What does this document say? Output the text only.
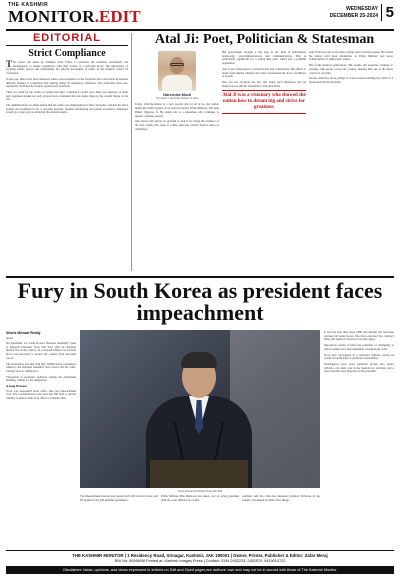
THE KASHMIR
MONITOR.EDIT	WEDNESDAY
DECEMBER 25-2024 5
EDITORIAL
Strict Compliance

The recent call made by Kashmir Zone Police to prioritise the residents, particularly the shopkeepers, to ensure compliance with their orders, is a welcome move. The importance of securing public spaces and maintaining the smooth movement of traffic in the markets cannot be overstated.

In the past, there have been instances where encroachments on the footpaths and roads made movement difficult, leading to congestion and causing delays in emergency situations. The authorities have also repeatedly cautioned the traders against such violations.

There is a need for the traders to realise that strict compliance would serve their own interests. A clean and organised market not only attracts more customers but also helps improve the overall image of the city.

The administration too must ensure that the orders are implemented in letter and spirit, and that the drive against encroachment is not a one-time exercise. Regular monitoring and public awareness campaigns would go a long way in achieving the desired results.

Atal Ji: Poet, Politician & Statesman
Narendra Modi
The author is the Prime Minister of India

Today, 25th December is a very special day for all of us. Our nation marks the 100th Jayanti of our beloved former Prime Minister, Shri Atal Bihari Vajpayee Ji. He stands tall as a statesman who continues to inspire countless people.

Our nation will always be grateful to Atal Ji for being the architect of the 21st century. He came at a time when the country faced a series of challenges.

His government brought a big leap in the field of information technology, telecommunications and communications. This is particularly significant for a nation like ours, which has a youthful population.

Atal Ji gave importance to infrastructure and connectivity. His efforts to build roads linking villages and cities transformed the lives of millions of people.

One can not overlook the fact that many such initiatives that he undertook are still the foundation of modern India.

Atal Ji was a visionary who showed the nation how to dream big and strive for greatness

Atal Ji showed the world what courage and conviction mean. He served the nation with great distinction as Prime Minister and never compromised on democratic values.

His words inspired generations. His poems and speeches continue to resonate with people across the country, making him one of the finest orators of our time.

On his centenary, let us pledge to work towards realising his vision of a developed and strong India.

Fury in South Korea as president faces impeachment
Shorts Michael Reddy
Seoul

On December 14, South Korea's National Assembly voted to impeach President Yoon Suk Yeol, after he declared martial law in the country. In a national address, he said the move was necessary to protect the country from anti-state forces.

The declaration was met with fury. Within hours, lawmakers rushed to the National Assembly and voted to lift the order, forcing Yoon to withdraw it.

Thousands of protesters gathered outside the parliament building, calling for his resignation.

A long Process

Yoon was suspended from office after the impeachment vote. The Constitutional Court now has 180 days to decide whether to remove him from office or reinstate him.

South Korean President Yoon Suk Yeol

The impeachment motion was passed with 204 votes in favour and 85 against in the 300-member parliament.

Prime Minister Han Duck-soo has taken over as acting president until the court delivers its verdict.

Analysts said the crisis has deepened political divisions in the country and dented its democratic image.

It was the first time since 1980 that martial law had been declared in South Korea. The move shocked the country's allies and sparked concern across the region.

Opposition parties accused the president of attempting to subvert democracy and undermine constitutional order.

Yoon later apologised in a televised address, saying he would not shirk legal or political responsibility.

Investigators have since launched probes into senior officials over their role in the martial law decision, and a travel ban has been imposed on the president.

THE KASHMIR MONITOR | 1 Residency Road, Srinagar, Kashmir, JAK 190001 | Owner, Printer, Publisher & Editor: Zafar Meraj
RNI No: 69268/98 Printed at: Kashmir Images Press | Contact: 0194 2452233, 2452570, 9419010722
Disclaimer: Ideas, opinions, and views expressed in articles on Edit and Oped pages are authors' own and may not be in accord with those of The Kashmir Monitor
